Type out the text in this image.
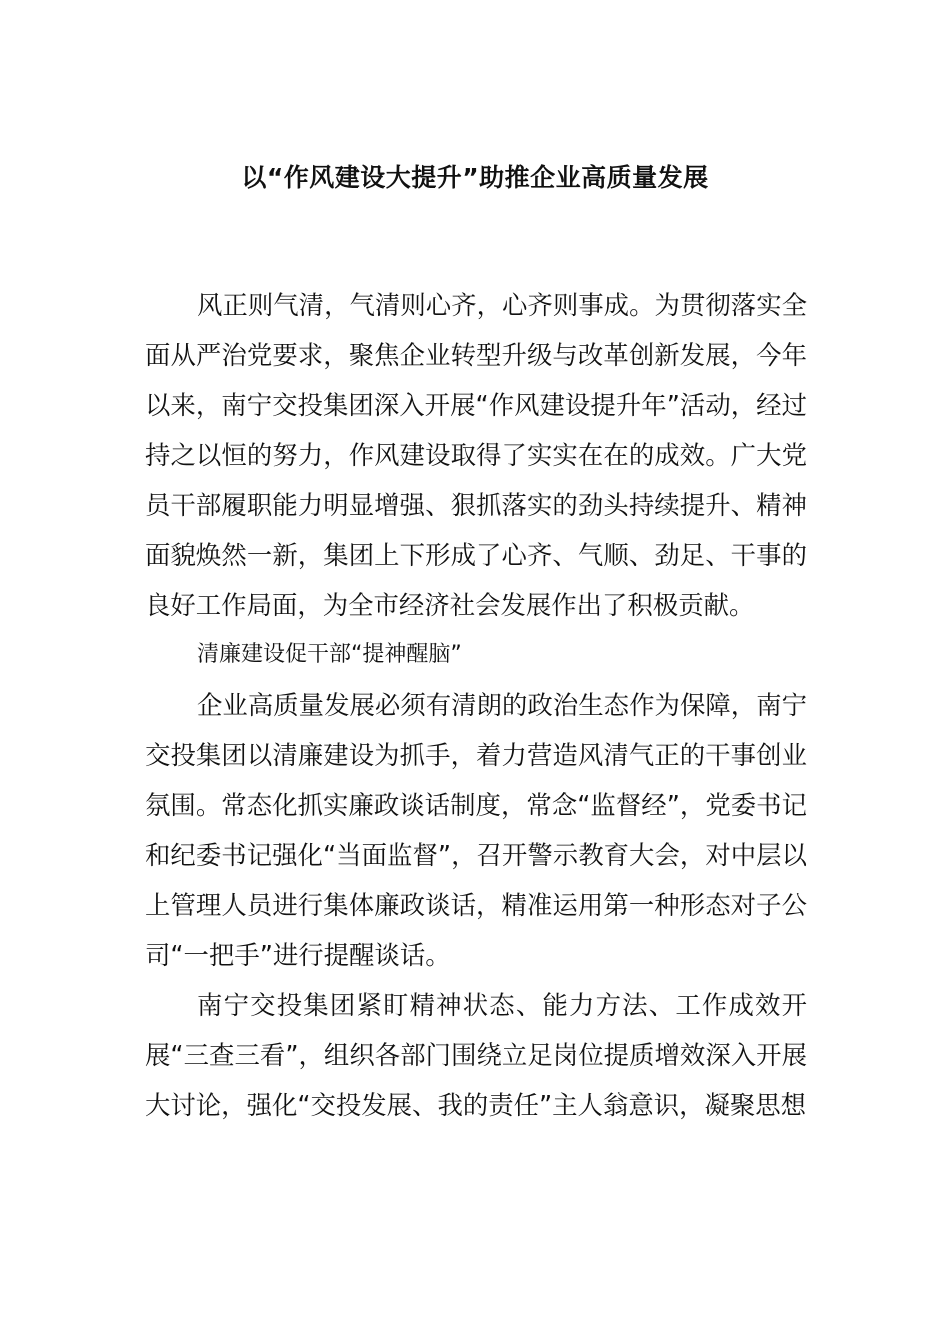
以“作风建设大提升”助推企业高质量发展

风正则气清，气清则心齐，心齐则事成。为贯彻落实全面从严治党要求，聚焦企业转型升级与改革创新发展，今年以来，南宁交投集团深入开展“作风建设提升年”活动，经过持之以恒的努力，作风建设取得了实实在在的成效。广大党员干部履职能力明显增强、狠抓落实的劲头持续提升、精神面貌焕然一新，集团上下形成了心齐、气顺、劲足、干事的良好工作局面，为全市经济社会发展作出了积极贡献。

清廉建设促干部“提神醒脑”

企业高质量发展必须有清朗的政治生态作为保障，南宁交投集团以清廉建设为抓手，着力营造风清气正的干事创业氛围。常态化抓实廉政谈话制度，常念“监督经”，党委书记和纪委书记强化“当面监督”，召开警示教育大会，对中层以上管理人员进行集体廉政谈话，精准运用第一种形态对子公司“一把手”进行提醒谈话。

南宁交投集团紧盯精神状态、能力方法、工作成效开展“三查三看”，组织各部门围绕立足岗位提质增效深入开展大讨论，强化“交投发展、我的责任”主人翁意识，凝聚思想
